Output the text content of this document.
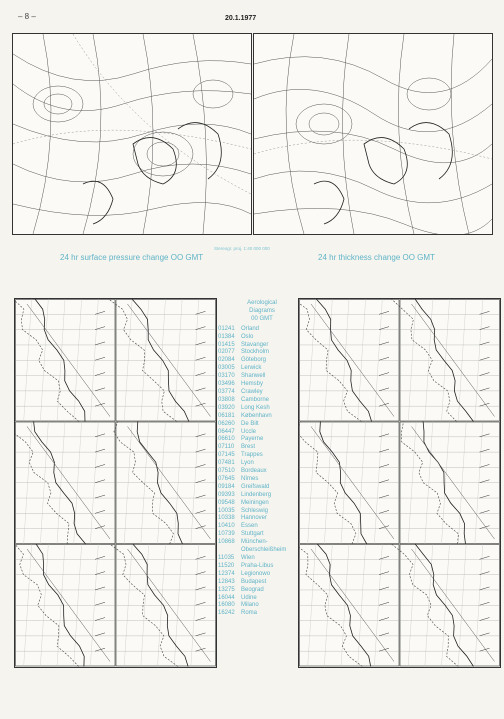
– 8 –	20.1.1977
Stereogr. proj. 1:40 000 000
24 hr surface pressure change OO GMT	24 hr thickness change OO GMT
Aerological
Diagrams
00 GMT
01241	Orland
01384	Oslo
01415	Stavanger
02077	Stockholm
02084	Göteborg
03005	Lerwick
03170	Shanwell
03496	Hemsby
03774	Crawley
03808	Camborne
03920	Long Kesh
06181	København
06260	De Bilt
06447	Uccle
06610	Payerne
07110	Brest
07145	Trappes
07481	Lyon
07510	Bordeaux
07645	Nîmes
09184	Greifswald
09393	Lindenberg
09548	Meiningen
10035	Schleswig
10338	Hannover
10410	Essen
10739	Stuttgart
10868	München-
Oberschleißheim
11035	Wien
11520	Praha-Libus
12374	Legionowo
12843	Budapest
13275	Beograd
16044	Udine
16080	Milano
16242	Roma
